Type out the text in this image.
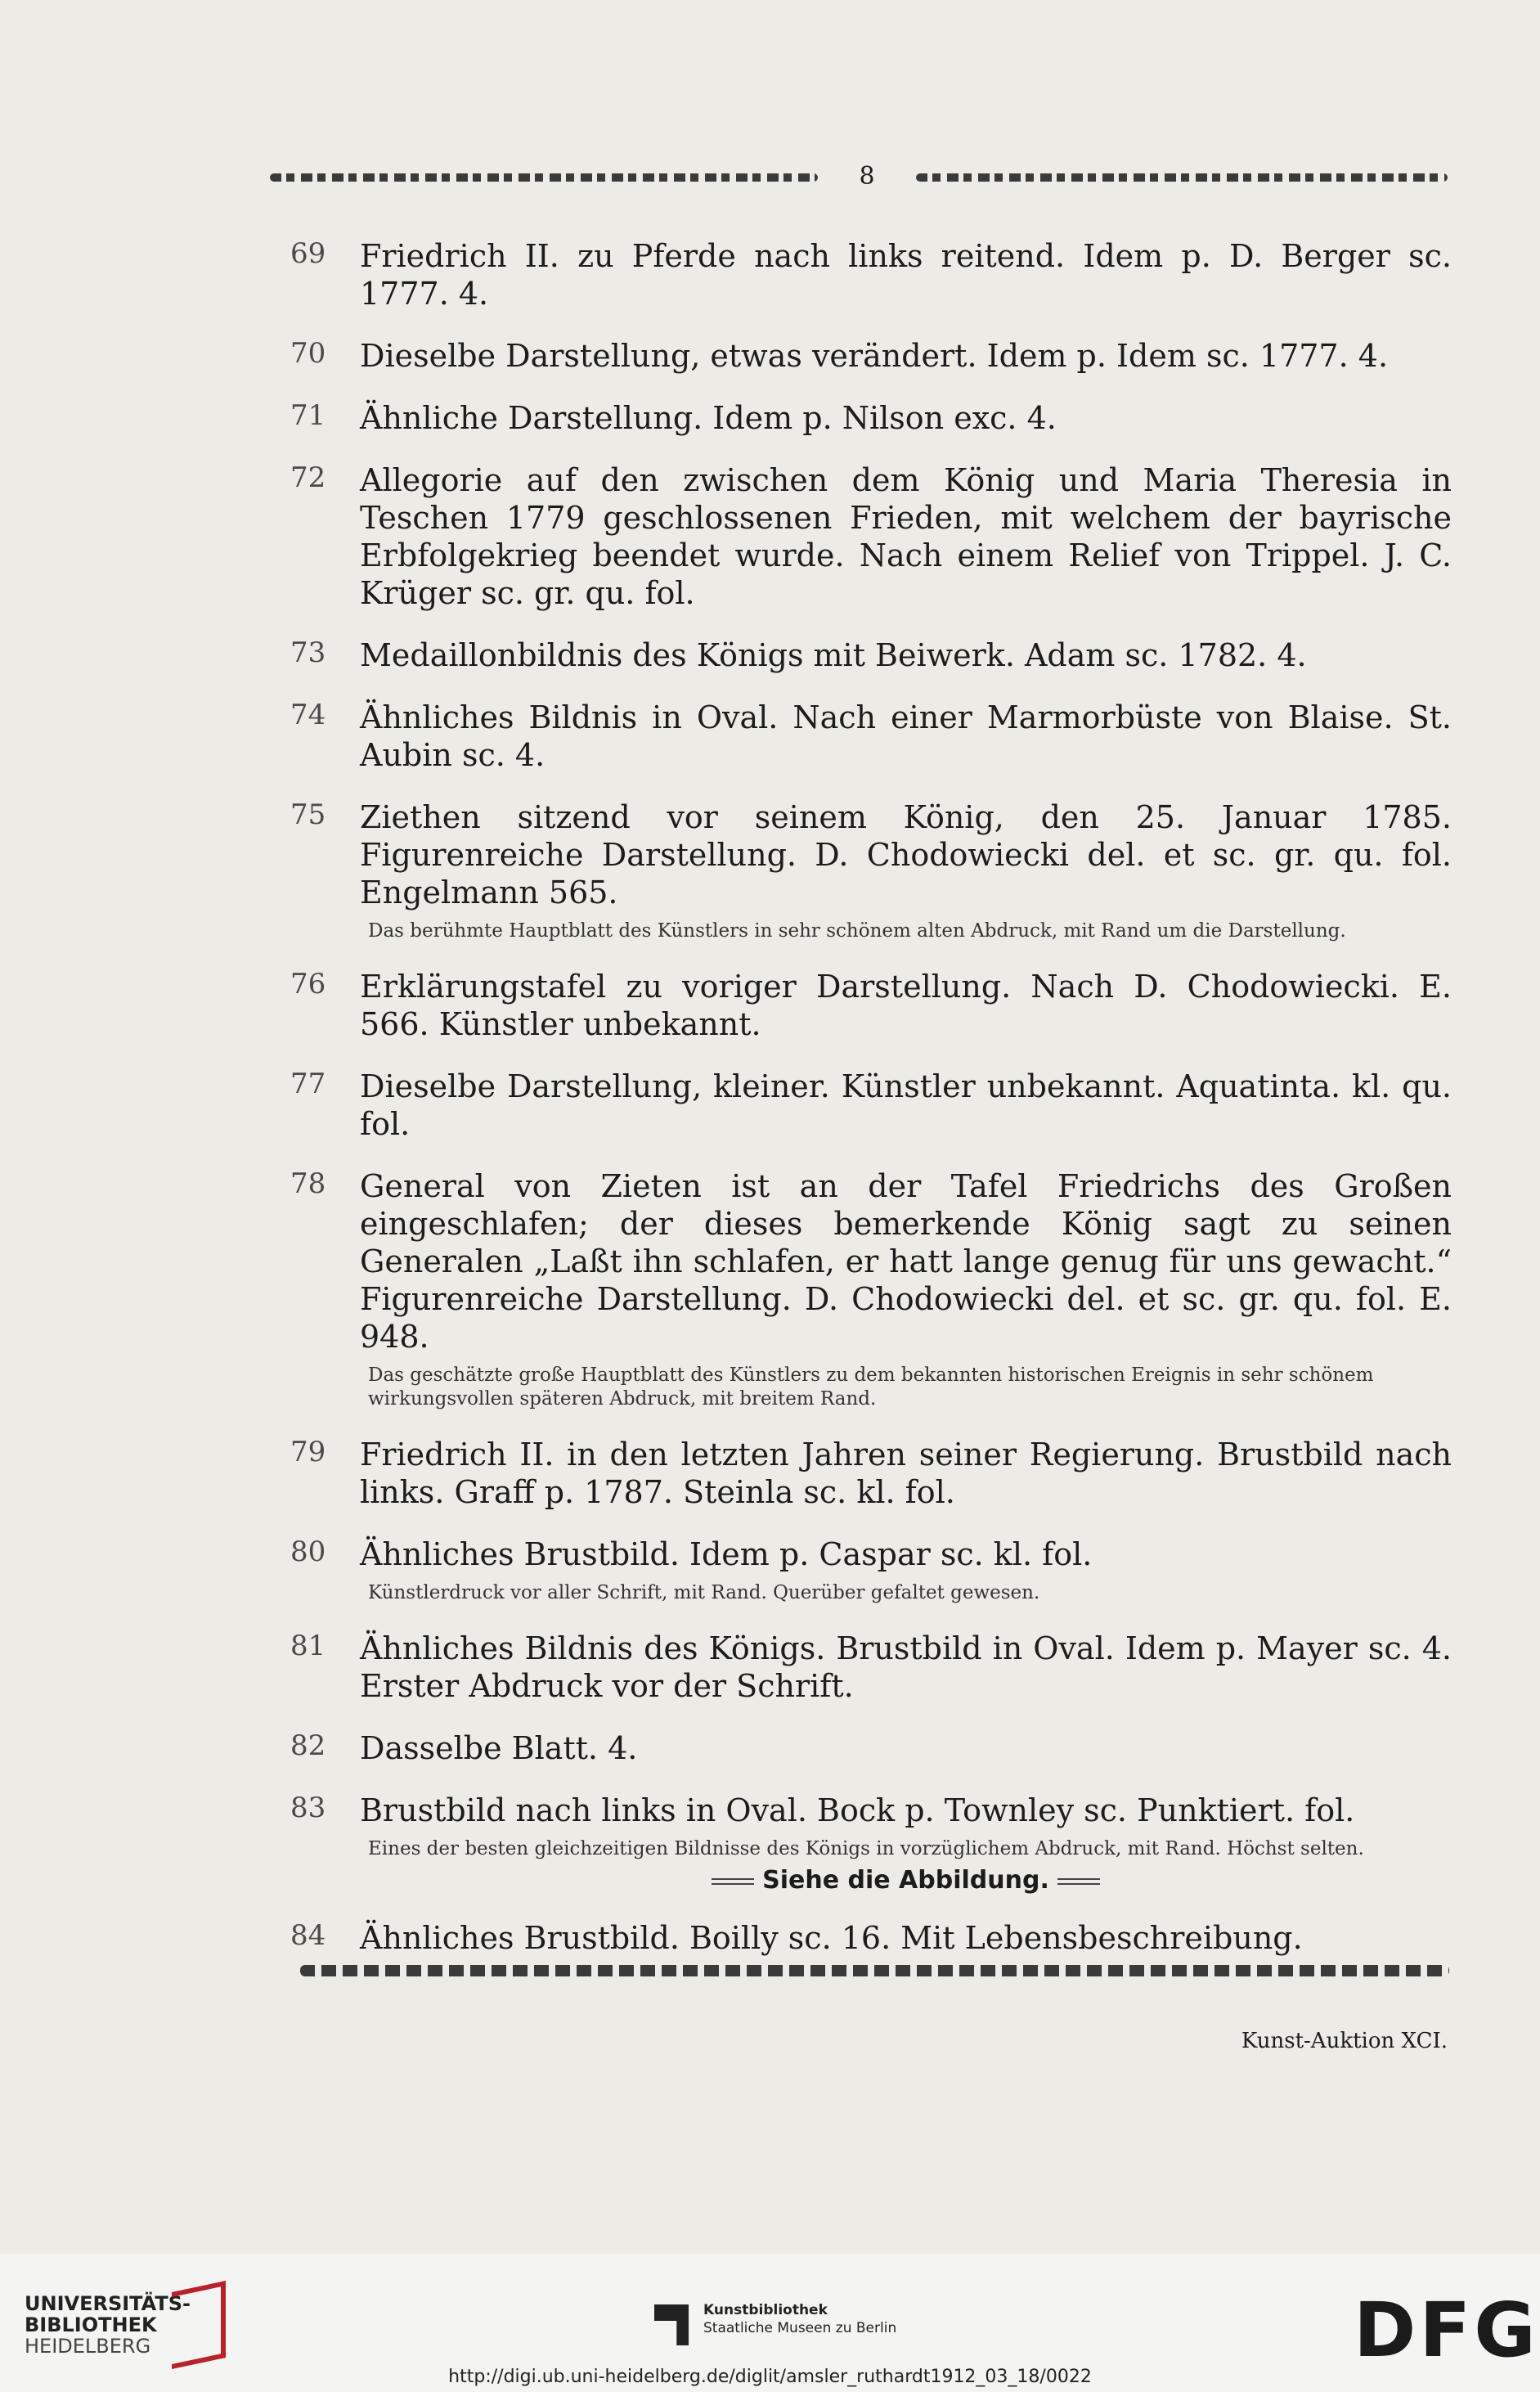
8
69 Friedrich II. zu Pferde nach links reitend. Idem p. D. Berger sc. 1777. 4.
70 Dieselbe Darstellung, etwas verändert. Idem p. Idem sc. 1777. 4.
71 Ähnliche Darstellung. Idem p. Nilson exc. 4.
72 Allegorie auf den zwischen dem König und Maria Theresia in Teschen 1779 geschlossenen Frieden, mit welchem der bayrische Erbfolgekrieg beendet wurde. Nach einem Relief von Trippel. J. C. Krüger sc. gr. qu. fol.
73 Medaillonbildnis des Königs mit Beiwerk. Adam sc. 1782. 4.
74 Ähnliches Bildnis in Oval. Nach einer Marmorbüste von Blaise. St. Aubin sc. 4.
75 Ziethen sitzend vor seinem König, den 25. Januar 1785. Figurenreiche Darstellung. D. Chodowiecki del. et sc. gr. qu. fol. Engelmann 565.
Das berühmte Hauptblatt des Künstlers in sehr schönem alten Abdruck, mit Rand um die Darstellung.
76 Erklärungstafel zu voriger Darstellung. Nach D. Chodowiecki. E. 566. Künstler unbekannt.
77 Dieselbe Darstellung, kleiner. Künstler unbekannt. Aquatinta. kl. qu. fol.
78 General von Zieten ist an der Tafel Friedrichs des Großen eingeschlafen; der dieses bemerkende König sagt zu seinen Generalen „Laßt ihn schlafen, er hatt lange genug für uns gewacht.“ Figurenreiche Darstellung. D. Chodowiecki del. et sc. gr. qu. fol. E. 948.
Das geschätzte große Hauptblatt des Künstlers zu dem bekannten historischen Ereignis in sehr schönem wirkungsvollen späteren Abdruck, mit breitem Rand.
79 Friedrich II. in den letzten Jahren seiner Regierung. Brustbild nach links. Graff p. 1787. Steinla sc. kl. fol.
80 Ähnliches Brustbild. Idem p. Caspar sc. kl. fol.
Künstlerdruck vor aller Schrift, mit Rand. Querüber gefaltet gewesen.
81 Ähnliches Bildnis des Königs. Brustbild in Oval. Idem p. Mayer sc. 4. Erster Abdruck vor der Schrift.
82 Dasselbe Blatt. 4.
83 Brustbild nach links in Oval. Bock p. Townley sc. Punktiert. fol.
Eines der besten gleichzeitigen Bildnisse des Königs in vorzüglichem Abdruck, mit Rand. Höchst selten.
Siehe die Abbildung.
84 Ähnliches Brustbild. Boilly sc. 16. Mit Lebensbeschreibung.
Kunst-Auktion XCI.
UNIVERSITÄTS-
BIBLIOTHEK
HEIDELBERG
Kunstbibliothek
Staatliche Museen zu Berlin	DFG
http://digi.ub.uni-heidelberg.de/diglit/amsler_ruthardt1912_03_18/0022
